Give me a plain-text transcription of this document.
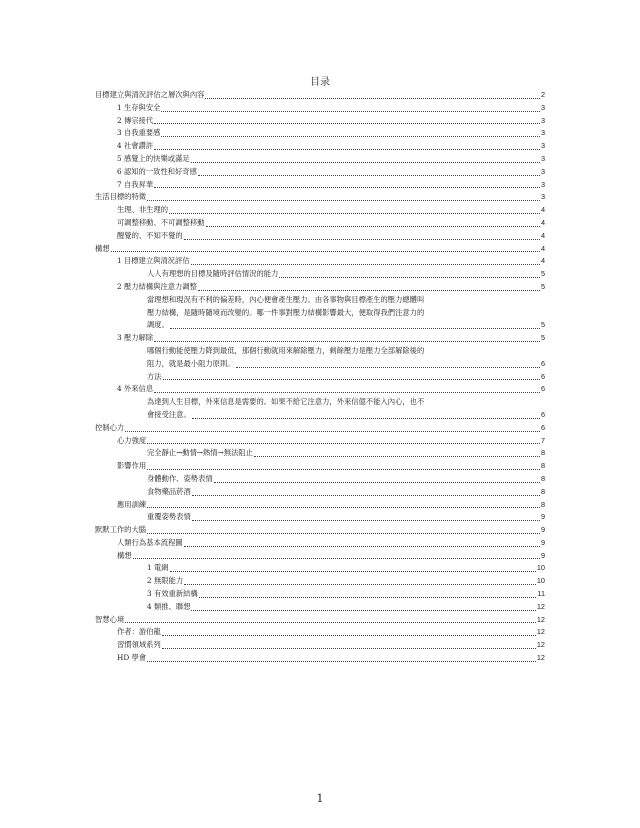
目录
目標建立與清況評估之層次與內容	2
1 生存與安全	3
2 傳宗接代	3
3 自我重要感	3
4 社會讚許	3
5 感覺上的快樂或滿足	3
6 認知的一致性和好奇感	3
7 自我昇華	3
生活目標的特徵	3
生理、非生理的	4
可調整移動、不可調整移動	4
醒覺的、不知不覺的	4
構想	4
1 目標建立與清況評估	4
人人有理想的目標及隨時評估情況的能力	5
2 壓力結構與注意力調整	5
當理想和現況有不利的偏差時，內心便會產生壓力。由各事物與目標產生的壓力總體叫
壓力結構，是隨時隨境而改變的。哪一件事對壓力結構影響最大，便取得我們注意力的
調度。	5
3 壓力解除	5
哪個行動能使壓力降到最低，那個行動就用來解除壓力，剩餘壓力是壓力全部解除後的
阻力，就是最小阻力原則。	6
方法	6
4 外來信息	6
為達到人生目標，外來信息是需要的。如果不給它注意力，外來信億不能入內心，也不
會接受注意。	6
控制心力	6
心力強度	7
完全靜止→動情→熱情→無法阻止	8
影響作用	8
身體動作、姿勢表情	8
食物藥品菸酒	8
應用訓練	8
重覆姿勢表情	9
默默工作的大腦	9
人類行為基本流程圖	9
構想	9
1 電網	10
2 無限能力	10
3 有效重新結構	11
4 類推、聯想	12
智慧心境	12
作者：游伯龍	12
習慣領域系列	12
HD 學會	12
1
